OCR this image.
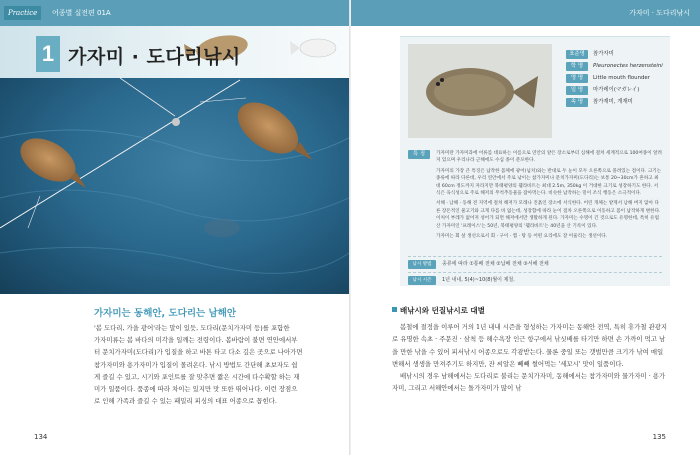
Practice	어종별 실전편 01A	가자미 · 도다리낚시
1 가자미 · 도다리낚시
가자미는 동해안, 도다리는 남해안
'봄 도다리, 가을 광어'라는 말이 있듯, 도다리(문치가자미 등)를 포함한
가자미류는 봄 바다의 미각을 일깨는 전령이다. 봄바람이 불면 연안에서부
터 문치가자미(도다리)가 입질을 하고 바톤 타고 다소 깊은 곳으로 나아가면
참가자미와 용가자미가 입질이 몰려온다. 낚시 방법도 간단해 초보자도 쉽
게 즐길 수 있고, 시기와 포인트를 잘 맞추면 짧은 시간에 다수확할 하는 재
미가 일품이다. 품종에 따라 차이는 있지만 맛 또한 뛰어나다. 이런 장점으
로 인해 가족과 즐길 수 있는 패밀리 피싱의 대표 어종으로 꼽힌다.
표준명 참가자미
학 명 Pleuronectes herzensteini
영 명 Little mouth flounder
일 명 마가레이(マガレイ)
속 명 참가재미, 개재미
특 징	가자미란 가자미과에 어류를 대표하는 이름으로 연안의 얕은 장소로부터 심해에 걸쳐 세계적으로 100여종이 알려져 있으며 우리나라 근해에도 수십 종이 분포한다.

가자미의 가장 큰 특징은 납작한 몸체에 광어(넙치)와는 반대로 두 눈이 모두 오른쪽으로 몰려있는 점이다. 크기는 종류에 따라 다른데, 우리 연안에서 주로 낚이는 참가자미나 문치가자미(도다리)는 보통 20~30cm가 흔하고 최대 60cm 정도까지 자라지만 북태평양의 웰라바트는 최대 2.5m, 350kg 이 거대한 크기로 성장하기도 한다. 서식은 육식성으로 주로 해저의 무척추동물을 잡아먹는다. 비슷한 납작하는 밑이 조식 행동은 소극적이다.

서해 · 남해 · 동해 전 지역에 걸쳐 해저가 모래나 진흙인 장소에 서식한다. 어린 개체는 얕게서 남해 버지 않아 다른 장돈적인 물고기와 크게 다를 바 없는데, 성장함에 따라 눈이 점차 오른쪽으로 이동하고 몸이 납작하게 변한다. 이처이 부레가 없어져 성어가 되면 해저에서만 생활하게 된다. 가자미는 수명이 긴 것으로도 유명한데, 특히 유럽산 가자미인 '프레이스'는 50년, 북태평양의 '웰라바트'는 40년을 산 기록이 있다.

가자미는 회 살 생선으로서 회 · 구이 · 찜 · 탕 등 어떤 요리에도 잘 어울리는 생선이다.

낚시 방법	종류에 따라 ①통배 전채 ②납배 전채 ③서해 전채
낚시 시즌	1년 내내, 5(4)~10(8)월이 제철.
배낚시와 던질낚시로 대별

봄철에 절정을 이루어 거의 1년 내내 시즌을 형성하는 가자미는 동해안 전역, 특히 휴가철 관광지로 유명한 속초 · 주문진 · 삼척 등 해수욕장 인근 항구에서 낚싯배를 타기만 하면 손 가까이 먹고 남을 만한 낚을 수 있어 피서낚시 어종으로도 각광받는다. 물론 중일 또는 갯벌만큼 크기가 낚여 매일 변해서 생생을 만져주기도 하지만, 잔 씨알은 빼빼 썰어먹는 '세꼬시' 맛이 일품이다.

배낚시의 경우 남해에서는 도다리로 불리는 문치가자미, 동해에서는 참가자미와 물가자미 · 용가자미, 그리고 서해안에서는 돌가자미가 많이 낚

134	135
